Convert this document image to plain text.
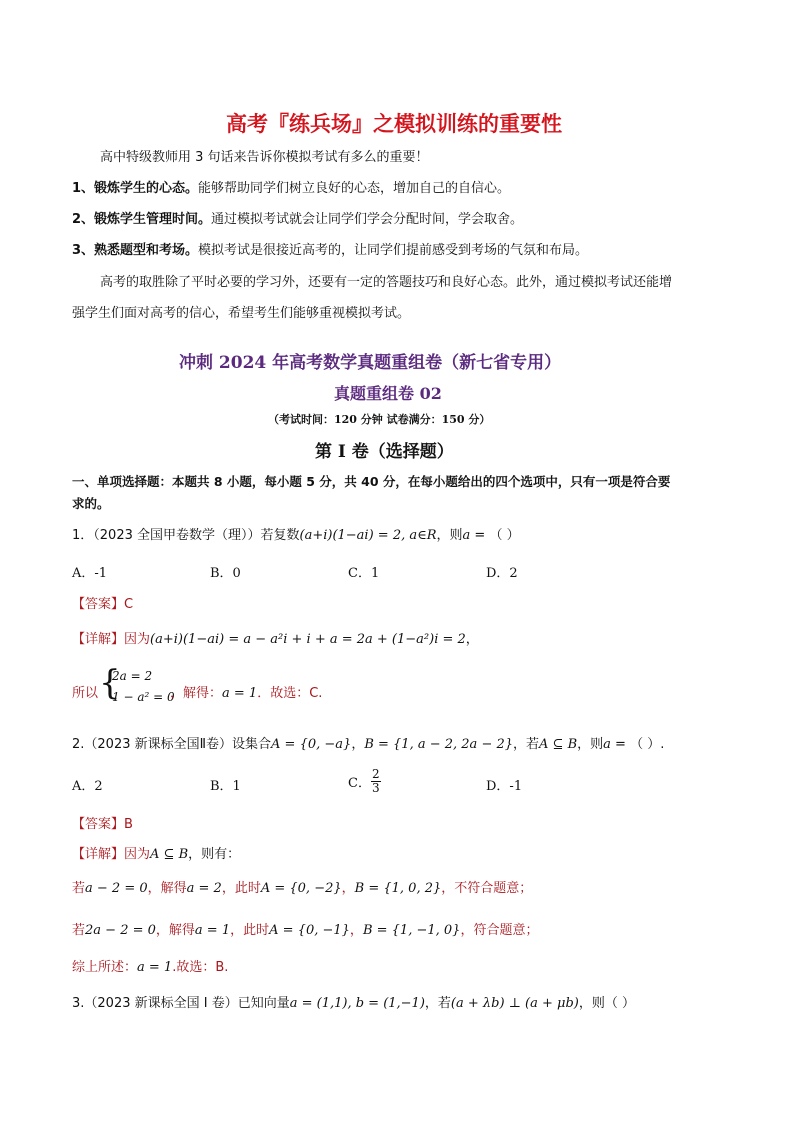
高考『练兵场』之模拟训练的重要性
高中特级教师用 3 句话来告诉你模拟考试有多么的重要！
1、锻炼学生的心态。能够帮助同学们树立良好的心态，增加自己的自信心。
2、锻炼学生管理时间。通过模拟考试就会让同学们学会分配时间，学会取舍。
3、熟悉题型和考场。模拟考试是很接近高考的，让同学们提前感受到考场的气氛和布局。
高考的取胜除了平时必要的学习外，还要有一定的答题技巧和良好心态。此外，通过模拟考试还能增
强学生们面对高考的信心，希望考生们能够重视模拟考试。
冲刺 2024 年高考数学真题重组卷（新七省专用）
真题重组卷 02
（考试时间：120 分钟 试卷满分：150 分）
第 I 卷（选择题）
一、单项选择题：本题共 8 小题，每小题 5 分，共 40 分，在每小题给出的四个选项中，只有一项是符合要
求的。
1．（2023 全国甲卷数学（理））若复数(a+i)(1−ai) = 2, a∈R，则a = （ ）
A．-1	B．0	C．1	D．2
【答案】C
【详解】因为(a+i)(1−ai) = a − a²i + i + a = 2a + (1−a²)i = 2，
所以 {
2a = 2
1 − a² = 0
，解得：a = 1．故选：C.
2.（2023 新课标全国Ⅱ卷）设集合A = {0, −a}，B = {1, a − 2, 2a − 2}，若A ⊆ B，则a = （ ）.
A．2	B．1	C． $\frac{2}{3}$	D．-1
【答案】B
【详解】因为A ⊆ B，则有：
若a − 2 = 0，解得a = 2，此时A = {0, −2}，B = {1, 0, 2}，不符合题意；
若2a − 2 = 0，解得a = 1，此时A = {0, −1}，B = {1, −1, 0}，符合题意；
综上所述：a = 1.故选：B.
3.（2023 新课标全国 Ⅰ 卷）已知向量a = (1,1), b = (1,−1)，若(a + λb) ⊥ (a + μb)，则（ ）
